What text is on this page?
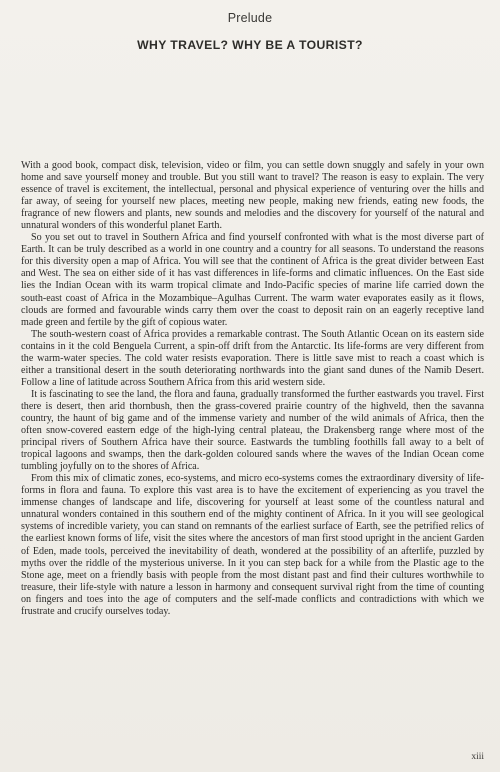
Prelude
WHY TRAVEL? WHY BE A TOURIST?

With a good book, compact disk, television, video or film, you can settle down snuggly and safely in your own home and save yourself money and trouble. But you still want to travel? The reason is easy to explain. The very essence of travel is excitement, the intellectual, personal and physical experience of venturing over the hills and far away, of seeing for yourself new places, meeting new people, making new friends, eating new foods, the fragrance of new flowers and plants, new sounds and melodies and the discovery for yourself of the natural and unnatural wonders of this wonderful planet Earth.

So you set out to travel in Southern Africa and find yourself confronted with what is the most diverse part of Earth. It can be truly described as a world in one country and a country for all seasons. To understand the reasons for this diversity open a map of Africa. You will see that the continent of Africa is the great divider between East and West. The sea on either side of it has vast differences in life-forms and climatic influences. On the East side lies the Indian Ocean with its warm tropical climate and Indo-Pacific species of marine life carried down the south-east coast of Africa in the Mozambique–Agulhas Current. The warm water evaporates easily as it flows, clouds are formed and favourable winds carry them over the coast to deposit rain on an eagerly receptive land made green and fertile by the gift of copious water.

The south-western coast of Africa provides a remarkable contrast. The South Atlantic Ocean on its eastern side contains in it the cold Benguela Current, a spin-off drift from the Antarctic. Its life-forms are very different from the warm-water species. The cold water resists evaporation. There is little save mist to reach a coast which is either a transitional desert in the south deteriorating northwards into the giant sand dunes of the Namib Desert. Follow a line of latitude across Southern Africa from this arid western side.

It is fascinating to see the land, the flora and fauna, gradually transformed the further eastwards you travel. First there is desert, then arid thornbush, then the grass-covered prairie country of the highveld, then the savanna country, the haunt of big game and of the immense variety and number of the wild animals of Africa, then the often snow-covered eastern edge of the high-lying central plateau, the Drakensberg range where most of the principal rivers of Southern Africa have their source. Eastwards the tumbling foothills fall away to a belt of tropical lagoons and swamps, then the dark-golden coloured sands where the waves of the Indian Ocean come tumbling joyfully on to the shores of Africa.

From this mix of climatic zones, eco-systems, and micro eco-systems comes the extraordinary diversity of life-forms in flora and fauna. To explore this vast area is to have the excitement of experiencing as you travel the immense changes of landscape and life, discovering for yourself at least some of the countless natural and unnatural wonders contained in this southern end of the mighty continent of Africa. In it you will see geological systems of incredible variety, you can stand on remnants of the earliest surface of Earth, see the petrified relics of the earliest known forms of life, visit the sites where the ancestors of man first stood upright in the ancient Garden of Eden, made tools, perceived the inevitability of death, wondered at the possibility of an afterlife, puzzled by myths over the riddle of the mysterious universe. In it you can step back for a while from the Plastic age to the Stone age, meet on a friendly basis with people from the most distant past and find their cultures worthwhile to treasure, their life-style with nature a lesson in harmony and consequent survival right from the time of counting on fingers and toes into the age of computers and the self-made conflicts and contradictions with which we frustrate and crucify ourselves today.

xiii
